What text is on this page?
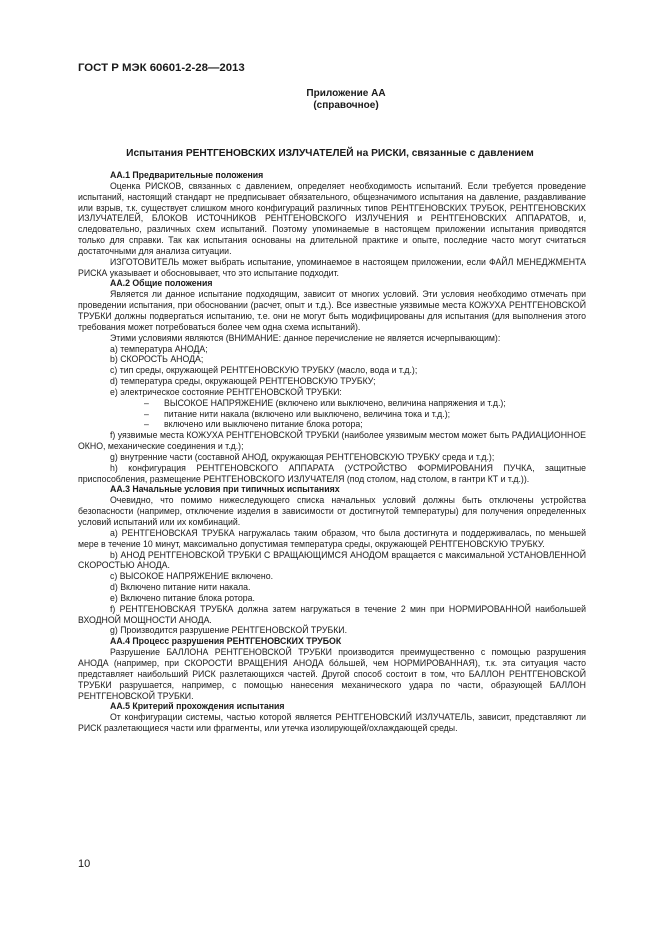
ГОСТ Р МЭК 60601-2-28—2013
Приложение AA
(справочное)
Испытания РЕНТГЕНОВСКИХ ИЗЛУЧАТЕЛЕЙ на РИСКИ, связанные с давлением

AA.1 Предварительные положения

Оценка РИСКОВ, связанных с давлением, определяет необходимость испытаний. Если требуется проведение испытаний, настоящий стандарт не предписывает обязательного, общезначимого испытания на давление, раздавливание или взрыв, т.к. существует слишком много конфигураций различных типов РЕНТГЕНОВСКИХ ТРУБОК, РЕНТГЕНОВСКИХ ИЗЛУЧАТЕЛЕЙ, БЛОКОВ ИСТОЧНИКОВ РЕНТГЕНОВСКОГО ИЗЛУЧЕНИЯ и РЕНТГЕНОВСКИХ АППАРАТОВ, и, следовательно, различных схем испытаний. Поэтому упоминаемые в настоящем приложении испытания приводятся только для справки. Так как испытания основаны на длительной практике и опыте, последние часто могут считаться достаточными для анализа ситуации.

ИЗГОТОВИТЕЛЬ может выбрать испытание, упоминаемое в настоящем приложении, если ФАЙЛ МЕНЕДЖМЕНТА РИСКА указывает и обосновывает, что это испытание подходит.

AA.2 Общие положения

Является ли данное испытание подходящим, зависит от многих условий. Эти условия необходимо отмечать при проведении испытания, при обосновании (расчет, опыт и т.д.). Все известные уязвимые места КОЖУХА РЕНТГЕНОВСКОЙ ТРУБКИ должны подвергаться испытанию, т.е. они не могут быть модифицированы для испытания (для выполнения этого требования может потребоваться более чем одна схема испытаний).

Этими условиями являются (ВНИМАНИЕ: данное перечисление не является исчерпывающим):

a) температура АНОДА;

b) СКОРОСТЬ АНОДА;

c) тип среды, окружающей РЕНТГЕНОВСКУЮ ТРУБКУ (масло, вода и т.д.);

d) температура среды, окружающей РЕНТГЕНОВСКУЮ ТРУБКУ;

e) электрическое состояние РЕНТГЕНОВСКОЙ ТРУБКИ:

– ВЫСОКОЕ НАПРЯЖЕНИЕ (включено или выключено, величина напряжения и т.д.);

– питание нити накала (включено или выключено, величина тока и т.д.);

– включено или выключено питание блока ротора;

f) уязвимые места КОЖУХА РЕНТГЕНОВСКОЙ ТРУБКИ (наиболее уязвимым местом может быть РАДИАЦИОННОЕ ОКНО, механические соединения и т.д.);

g) внутренние части (составной АНОД, окружающая РЕНТГЕНОВСКУЮ ТРУБКУ среда и т.д.);

h) конфигурация РЕНТГЕНОВСКОГО АППАРАТА (УСТРОЙСТВО ФОРМИРОВАНИЯ ПУЧКА, защитные приспособления, размещение РЕНТГЕНОВСКОГО ИЗЛУЧАТЕЛЯ (под столом, над столом, в гантри КТ и т.д.)).

AA.3 Начальные условия при типичных испытаниях

Очевидно, что помимо нижеследующего списка начальных условий должны быть отключены устройства безопасности (например, отключение изделия в зависимости от достигнутой температуры) для получения определенных условий испытаний или их комбинаций.

a) РЕНТГЕНОВСКАЯ ТРУБКА нагружалась таким образом, что была достигнута и поддерживалась, по меньшей мере в течение 10 минут, максимально допустимая температура среды, окружающей РЕНТГЕНОВСКУЮ ТРУБКУ.

b) АНОД РЕНТГЕНОВСКОЙ ТРУБКИ С ВРАЩАЮЩИМСЯ АНОДОМ вращается с максимальной УСТАНОВЛЕННОЙ СКОРОСТЬЮ АНОДА.

c) ВЫСОКОЕ НАПРЯЖЕНИЕ включено.

d) Включено питание нити накала.

e) Включено питание блока ротора.

f) РЕНТГЕНОВСКАЯ ТРУБКА должна затем нагружаться в течение 2 мин при НОРМИРОВАННОЙ наибольшей ВХОДНОЙ МОЩНОСТИ АНОДА.

g) Производится разрушение РЕНТГЕНОВСКОЙ ТРУБКИ.

AA.4 Процесс разрушения РЕНТГЕНОВСКИХ ТРУБОК

Разрушение БАЛЛОНА РЕНТГЕНОВСКОЙ ТРУБКИ производится преимущественно с помощью разрушения АНОДА (например, при СКОРОСТИ ВРАЩЕНИЯ АНОДА бо́льшей, чем НОРМИРОВАННАЯ), т.к. эта ситуация часто представляет наибольший РИСК разлетающихся частей. Другой способ состоит в том, что БАЛЛОН РЕНТГЕНОВСКОЙ ТРУБКИ разрушается, например, с помощью нанесения механического удара по части, образующей БАЛЛОН РЕНТГЕНОВСКОЙ ТРУБКИ.

AA.5 Критерий прохождения испытания

От конфигурации системы, частью которой является РЕНТГЕНОВСКИЙ ИЗЛУЧАТЕЛЬ, зависит, представляют ли РИСК разлетающиеся части или фрагменты, или утечка изолирующей/охлаждающей среды.

10
